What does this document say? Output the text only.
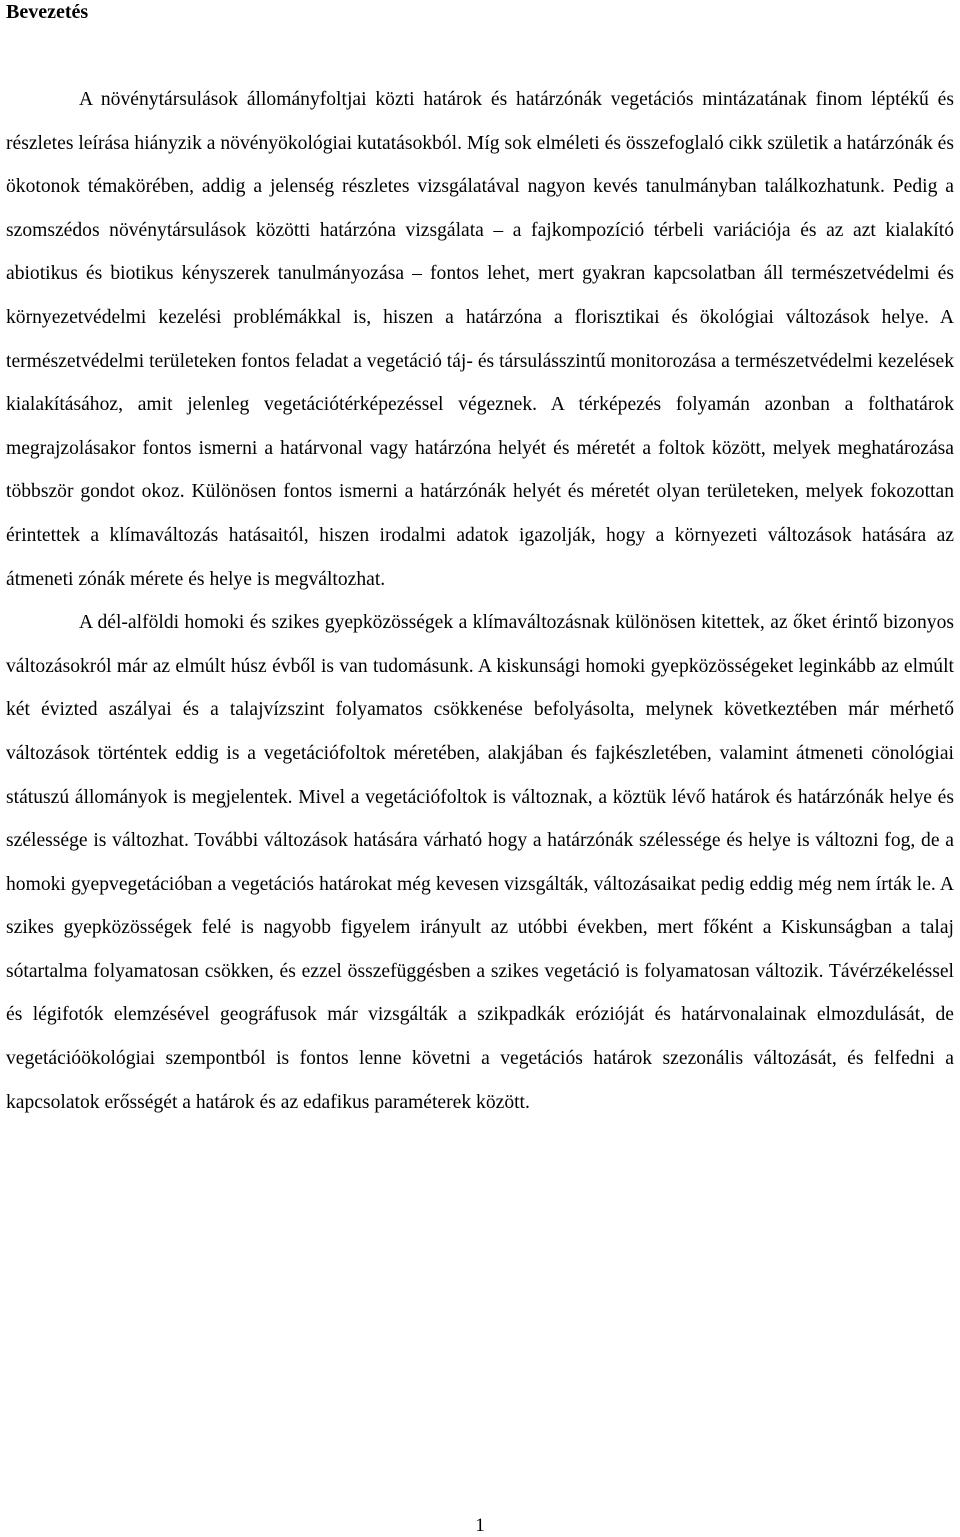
Bevezetés

A növénytársulások állományfoltjai közti határok és határzónák vegetációs mintázatának finom léptékű és részletes leírása hiányzik a növényökológiai kutatásokból. Míg sok elméleti és összefoglaló cikk születik a határzónák és ökotonok témakörében, addig a jelenség részletes vizsgálatával nagyon kevés tanulmányban találkozhatunk. Pedig a szomszédos növénytársulások közötti határzóna vizsgálata – a fajkompozíció térbeli variációja és az azt kialakító abiotikus és biotikus kényszerek tanulmányozása – fontos lehet, mert gyakran kapcsolatban áll természetvédelmi és környezetvédelmi kezelési problémákkal is, hiszen a határzóna a florisztikai és ökológiai változások helye. A természetvédelmi területeken fontos feladat a vegetáció táj- és társulásszintű monitorozása a természetvédelmi kezelések kialakításához, amit jelenleg vegetációtérképezéssel végeznek. A térképezés folyamán azonban a folthatárok megrajzolásakor fontos ismerni a határvonal vagy határzóna helyét és méretét a foltok között, melyek meghatározása többször gondot okoz. Különösen fontos ismerni a határzónák helyét és méretét olyan területeken, melyek fokozottan érintettek a klímaváltozás hatásaitól, hiszen irodalmi adatok igazolják, hogy a környezeti változások hatására az átmeneti zónák mérete és helye is megváltozhat.

A dél-alföldi homoki és szikes gyepközösségek a klímaváltozásnak különösen kitettek, az őket érintő bizonyos változásokról már az elmúlt húsz évből is van tudomásunk. A kiskunsági homoki gyepközösségeket leginkább az elmúlt két évizted aszályai és a talajvízszint folyamatos csökkenése befolyásolta, melynek következtében már mérhető változások történtek eddig is a vegetációfoltok méretében, alakjában és fajkészletében, valamint átmeneti cönológiai státuszú állományok is megjelentek. Mivel a vegetációfoltok is változnak, a köztük lévő határok és határzónák helye és szélessége is változhat. További változások hatására várható hogy a határzónák szélessége és helye is változni fog, de a homoki gyepvegetációban a vegetációs határokat még kevesen vizsgálták, változásaikat pedig eddig még nem írták le. A szikes gyepközösségek felé is nagyobb figyelem irányult az utóbbi években, mert főként a Kiskunságban a talaj sótartalma folyamatosan csökken, és ezzel összefüggésben a szikes vegetáció is folyamatosan változik. Távérzékeléssel és légifotók elemzésével geográfusok már vizsgálták a szikpadkák erózióját és határvonalainak elmozdulását, de vegetációökológiai szempontból is fontos lenne követni a vegetációs határok szezonális változását, és felfedni a kapcsolatok erősségét a határok és az edafikus paraméterek között.

1
